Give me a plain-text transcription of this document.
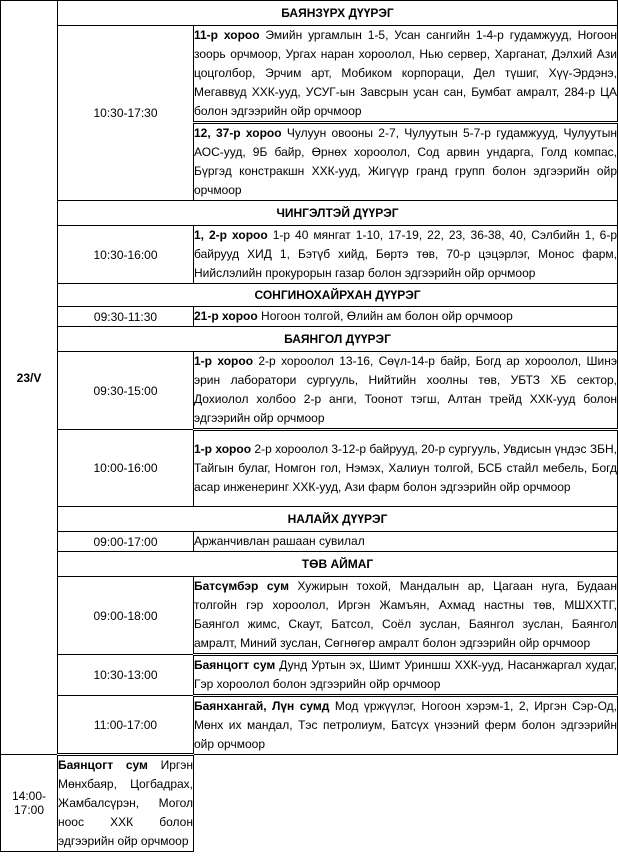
23/V	БАЯНЗҮРХ ДҮҮРЭГ	
	10:30-17:30	11-р хороо Эмийн ургамлын 1-5, Усан сангийн 1-4-р гудамжууд, Ногоон зоорь орчмоор, Ургах наран хороолол, Нью сервер, Харганат, Дэлхий Ази цоцголбор, Эрчим арт, Мобиком корпораци, Дел түшиг, Хүү-Эрдэнэ, Мегаввуд ХХК-ууд, УСУГ-ын Завсрын усан сан, Бумбат амралт, 284-р ЦА болон эдгээрийн ойр орчмоор
		12, 37-р хороо Чулуун овооны 2-7, Чулуутын 5-7-р гудамжууд, Чулуутын АОС-ууд, 9Б байр, Өрнөх хороолол, Сод арвин ундарга, Голд компас, Бүргэд констракшн ХХК-ууд, Жигүүр гранд групп болон эдгээрийн ойр орчмоор
	ЧИНГЭЛТЭЙ ДҮҮРЭГ	
	10:30-16:00	1, 2-р хороо 1-р 40 мянгат 1-10, 17-19, 22, 23, 36-38, 40, Сэлбийн 1, 6-р байрууд ХИД 1, Бэтүб хийд, Бөртэ төв, 70-р цэцэрлэг, Монос фарм, Нийслэлийн прокурорын газар болон эдгээрийн ойр орчмоор
	СОНГИНОХАЙРХАН ДҮҮРЭГ	
	09:30-11:30	21-р хороо Ногоон толгой, Өлийн ам болон ойр орчмоор
	БАЯНГОЛ ДҮҮРЭГ	
	09:30-15:00	1-р хороо 2-р хороолол 13-16, Сөүл-14-р байр, Богд ар хороолол, Шинэ эрин лаборатори сургууль, Нийтийн хоолны төв, УБТЗ ХБ сектор, Дохиолол холбоо 2-р анги, Тоонот тэгш, Алтан трейд ХХК-ууд болон эдгээрийн ойр орчмоор
	10:00-16:00	1-р хороо 2-р хороолол 3-12-р байрууд, 20-р сургууль, Увдисын үндэс ЗБН, Тайгын булаг, Номгон гол, Нэмэх, Халиун толгой, БСБ стайл мебель, Богд асар инженеринг ХХК-ууд, Ази фарм болон эдгээрийн ойр орчмоор
	НАЛАЙХ ДҮҮРЭГ	
	09:00-17:00	Аржанчивлан рашаан сувилал
	ТӨВ АЙМАГ	
	09:00-18:00	Батсүмбэр сум Хужирын тохой, Мандалын ар, Цагаан нуга, Будаан толгойн гэр хороолол, Иргэн Жамъян, Ахмад настны төв, МШХХТГ, Баянгол жимс, Скаут, Батсол, Соёл зуслан, Баянгол зуслан, Баянгол амралт, Миний зуслан, Сөгнөгөр амралт болон эдгээрийн ойр орчмоор
	10:30-13:00	Баянцогт сум Дунд Уртын эх, Шимт Уриншш ХХК-ууд, Насанжаргал худаг, Гэр хороолол болон эдгээрийн ойр орчмоор
	11:00-17:00	Баянхангай, Лүн сумд Мод үржүүлэг, Ногоон хэрэм-1, 2, Иргэн Сэр-Од, Мөнх их мандал, Тэс петролиум, Батсүх үнээний ферм болон эдгээрийн ойр орчмоор
14:00-17:00	Баянцогт сум Иргэн Мөнхбаяр, Цогбадрах, Жамбалсүрэн, Могол ноос ХХК болон эдгээрийн ойр орчмоор	
